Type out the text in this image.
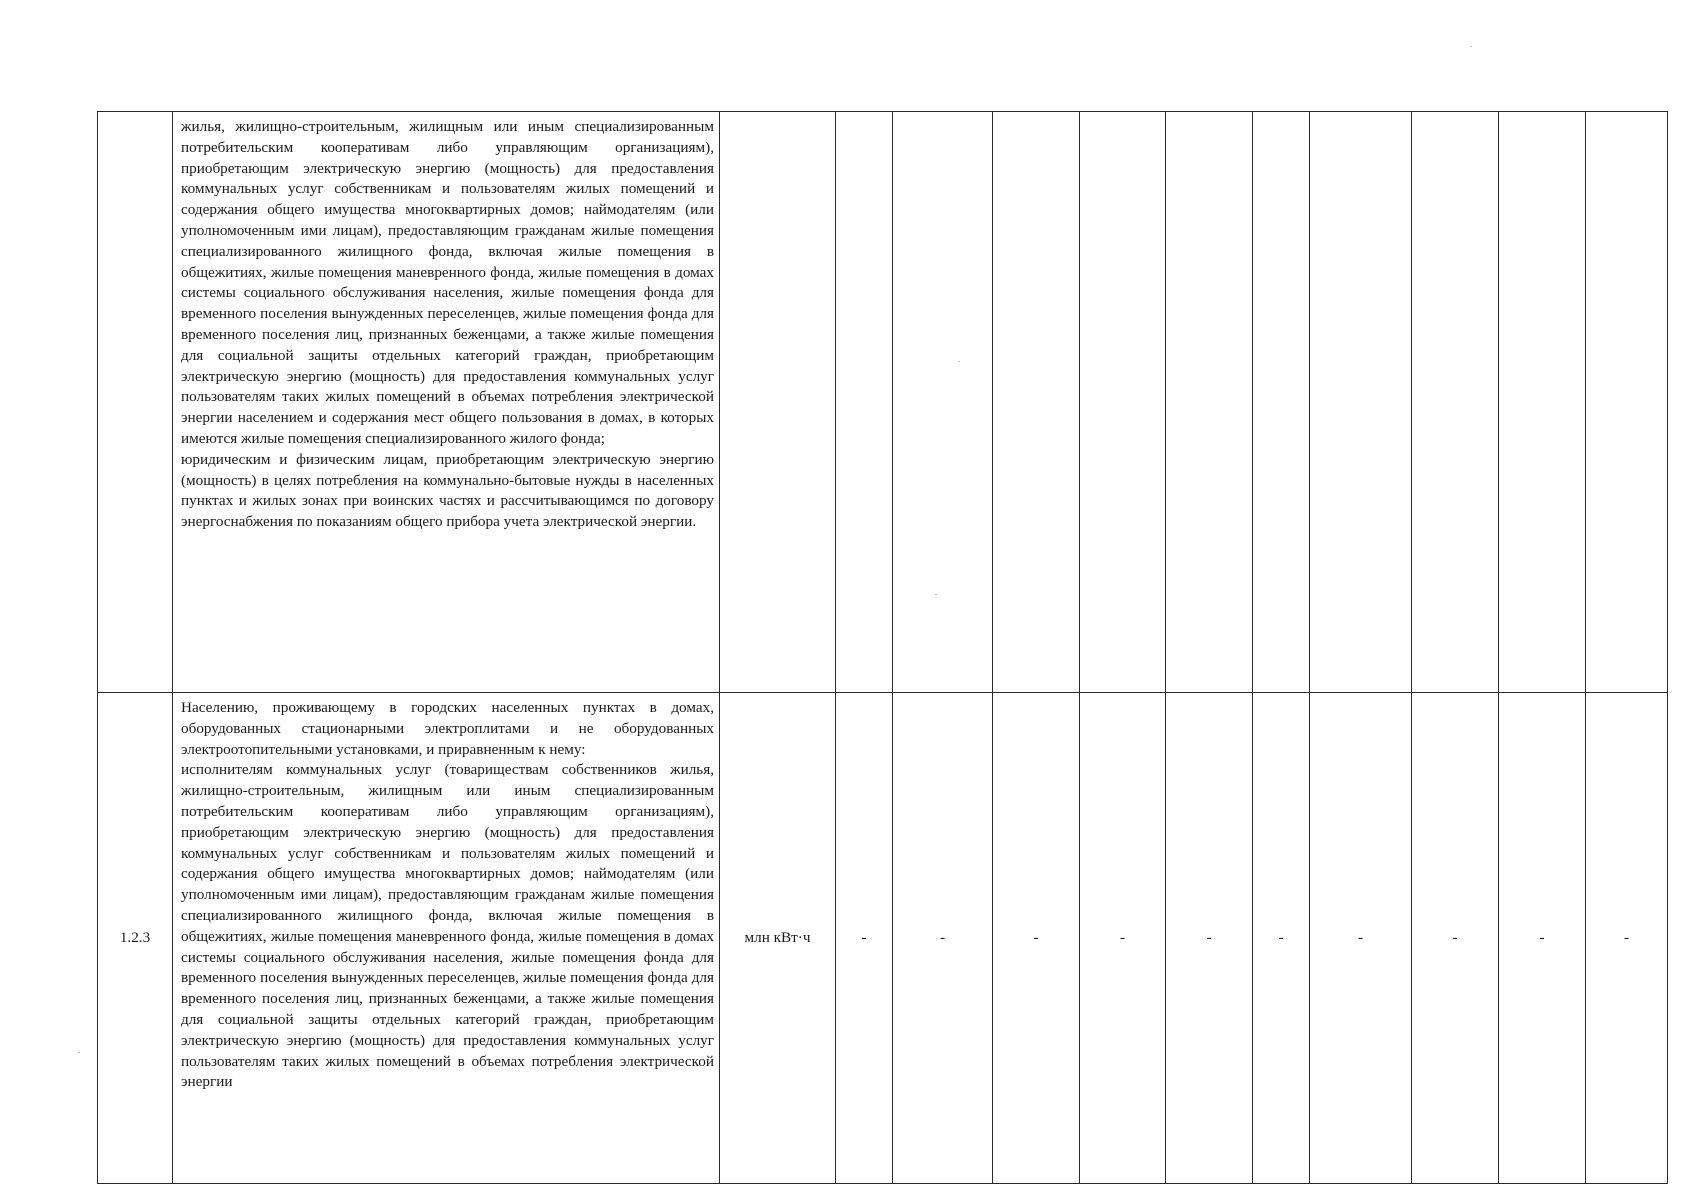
	жилья, жилищно-строительным, жилищным или иным специализированным потребительским кооперативам либо управляющим организациям), приобретающим электрическую энергию (мощность) для предоставления коммунальных услуг собственникам и пользователям жилых помещений и содержания общего имущества многоквартирных домов; наймодателям (или уполномоченным ими лицам), предоставляющим гражданам жилые помещения специализированного жилищного фонда, включая жилые помещения в общежитиях, жилые помещения маневренного фонда, жилые помещения в домах системы социального обслуживания населения, жилые помещения фонда для временного поселения вынужденных переселенцев, жилые помещения фонда для временного поселения лиц, признанных беженцами, а также жилые помещения для социальной защиты отдельных категорий граждан, приобретающим электрическую энергию (мощность) для предоставления коммунальных услуг пользователям таких жилых помещений в объемах потребления электрической энергии населением и содержания мест общего пользования в домах, в которых имеются жилые помещения специализированного жилого фонда;

юридическим и физическим лицам, приобретающим электрическую энергию (мощность) в целях потребления на коммунально-бытовые нужды в населенных пунктах и жилых зонах при воинских частях и рассчитывающимся по договору энергоснабжения по показаниям общего прибора учета электрической энергии.											

1.2.3	Населению, проживающему в городских населенных пунктах в домах, оборудованных стационарными электроплитами и не оборудованных электроотопительными установками, и приравненным к нему:

исполнителям коммунальных услуг (товариществам собственников жилья, жилищно-строительным, жилищным или иным специализированным потребительским кооперативам либо управляющим организациям), приобретающим электрическую энергию (мощность) для предоставления коммунальных услуг собственникам и пользователям жилых помещений и содержания общего имущества многоквартирных домов; наймодателям (или уполномоченным ими лицам), предоставляющим гражданам жилые помещения специализированного жилищного фонда, включая жилые помещения в общежитиях, жилые помещения маневренного фонда, жилые помещения в домах системы социального обслуживания населения, жилые помещения фонда для временного поселения вынужденных переселенцев, жилые помещения фонда для временного поселения лиц, признанных беженцами, а также жилые помещения для социальной защиты отдельных категорий граждан, приобретающим электрическую энергию (мощность) для предоставления коммунальных услуг пользователям таких жилых помещений в объемах потребления электрической энергии	млн кВт·ч	-	-	-	-	-	-	-	-	-	-
